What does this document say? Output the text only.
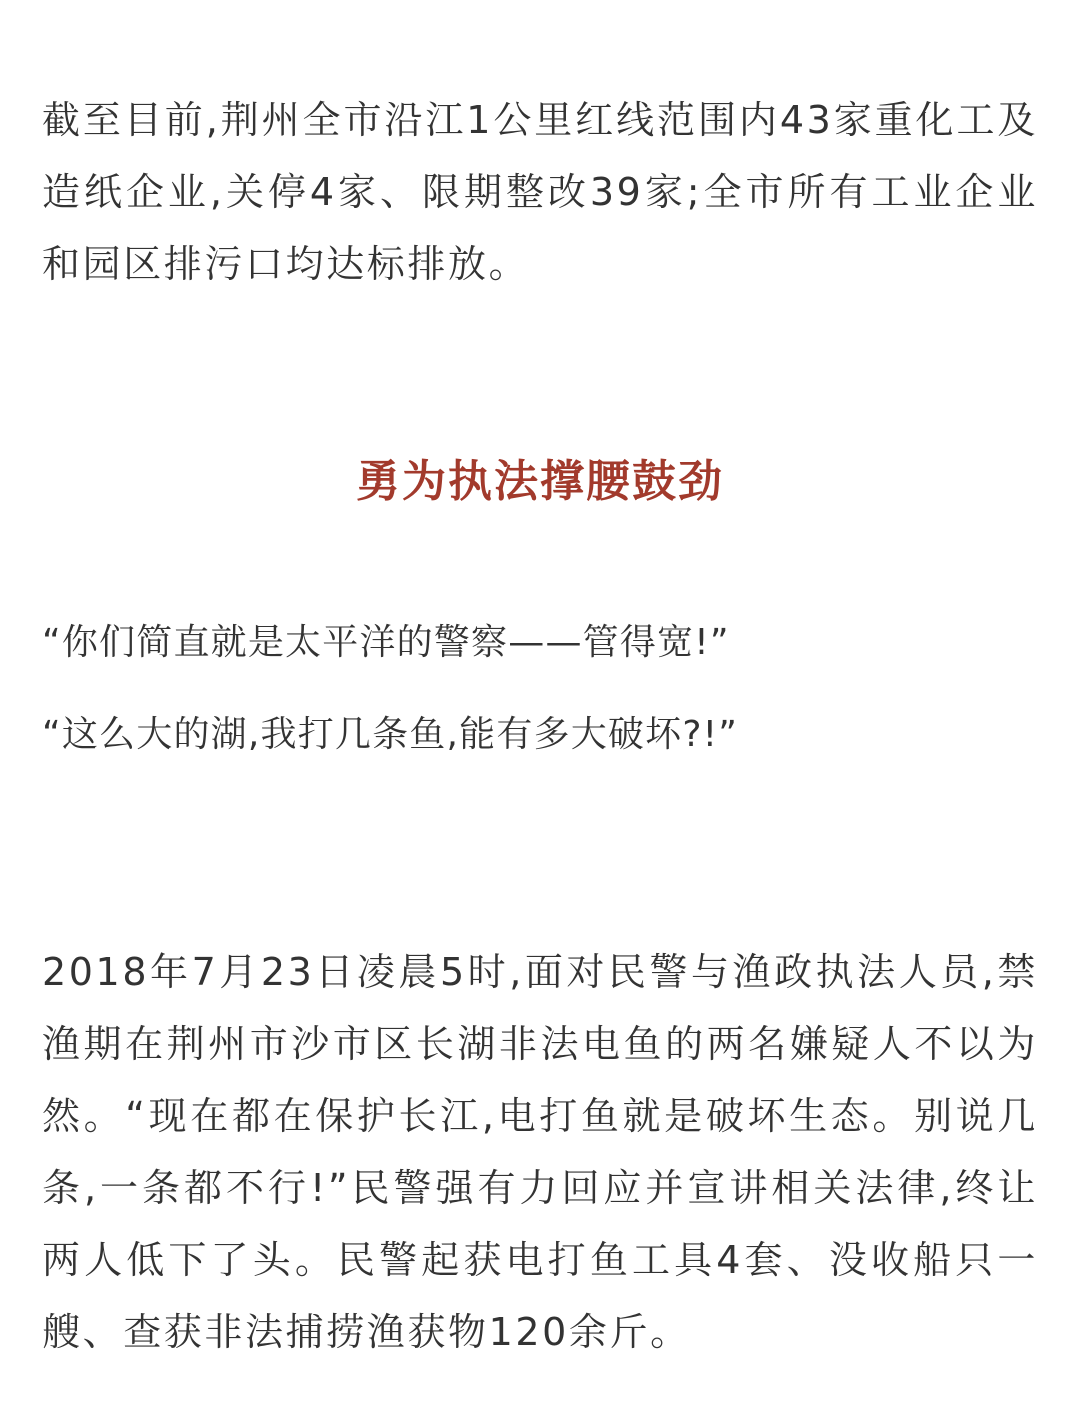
截至目前,荆州全市沿江1公里红线范围内43家重化工及造纸企业,关停4家、限期整改39家;全市所有工业企业和园区排污口均达标排放。

勇为执法撑腰鼓劲

“你们简直就是太平洋的警察——管得宽!”

“这么大的湖,我打几条鱼,能有多大破坏?!”

2018年7月23日凌晨5时,面对民警与渔政执法人员,禁渔期在荆州市沙市区长湖非法电鱼的两名嫌疑人不以为然。“现在都在保护长江,电打鱼就是破坏生态。别说几条,一条都不行!”民警强有力回应并宣讲相关法律,终让两人低下了头。民警起获电打鱼工具4套、没收船只一艘、查获非法捕捞渔获物120余斤。
